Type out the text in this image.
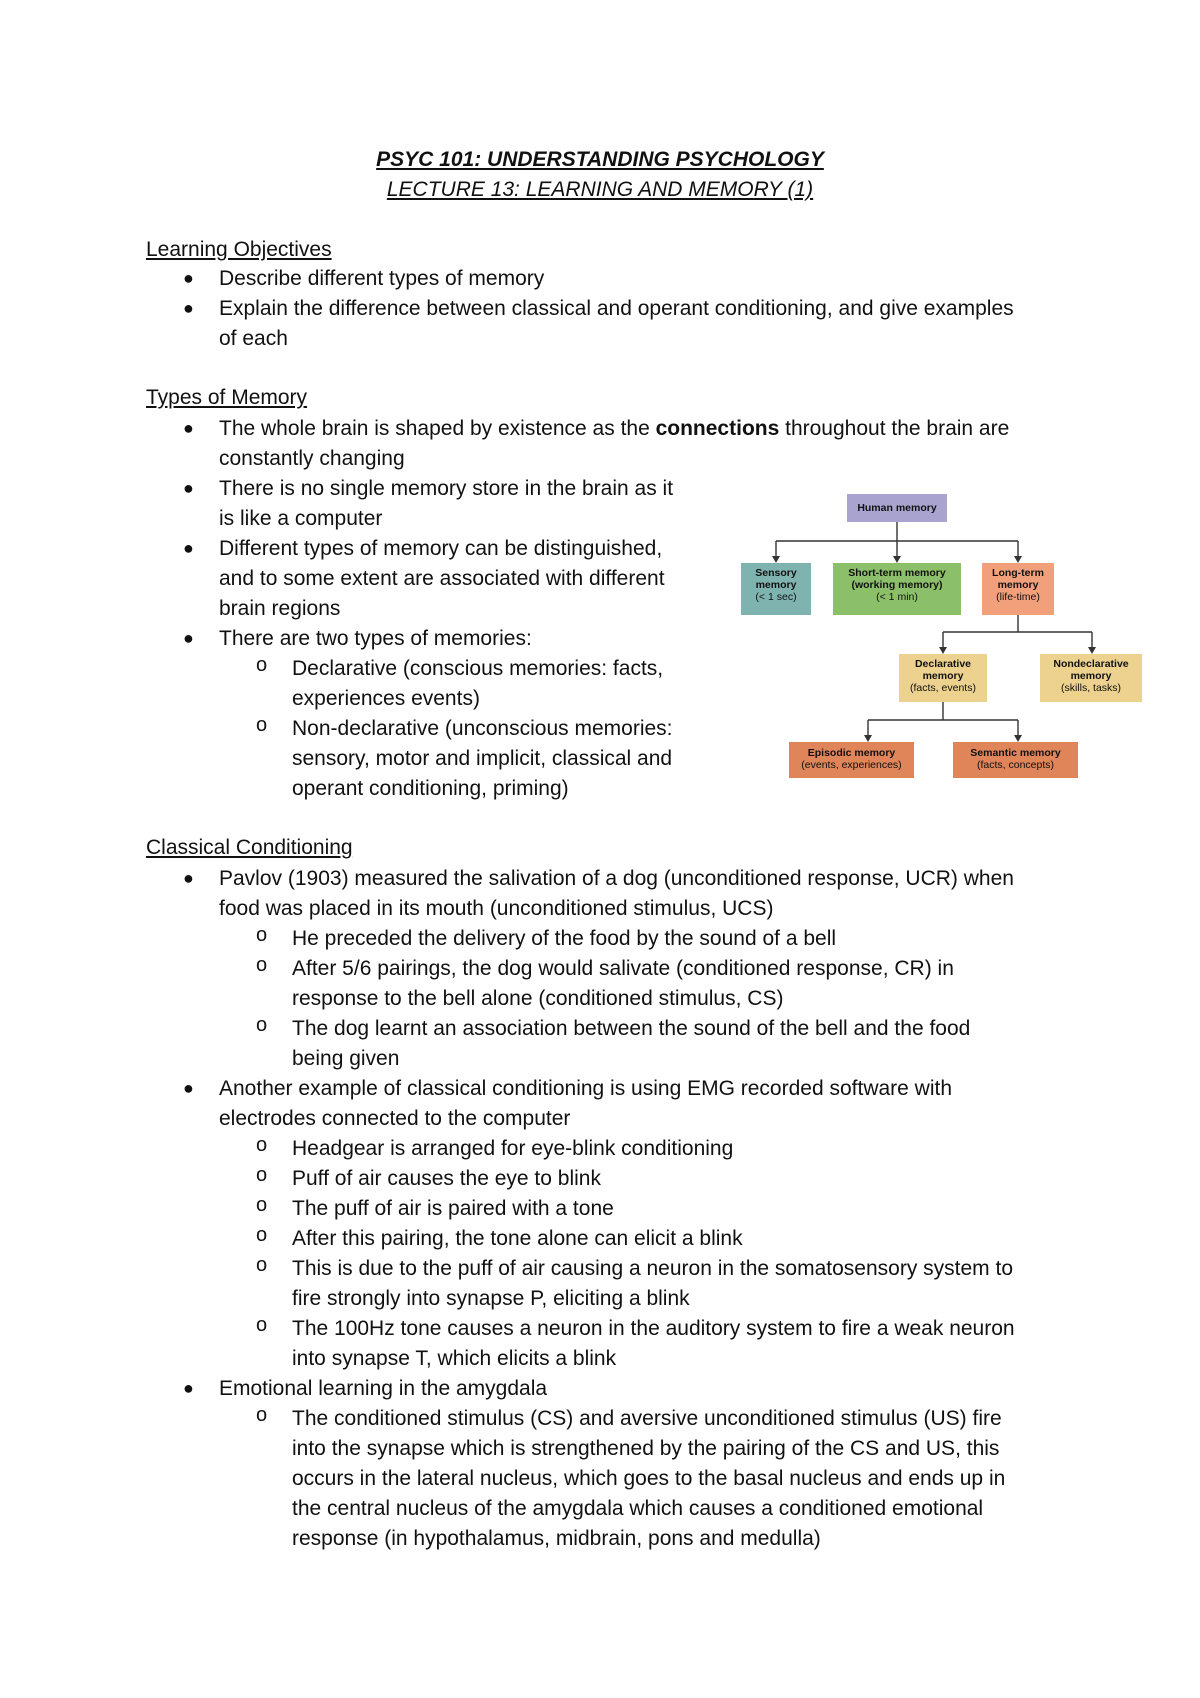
PSYC 101: UNDERSTANDING PSYCHOLOGY
LECTURE 13: LEARNING AND MEMORY (1)
Learning Objectives
● Describe different types of memory
● Explain the difference between classical and operant conditioning, and give examples
of each
Types of Memory
● The whole brain is shaped by existence as the connections throughout the brain are
constantly changing
● There is no single memory store in the brain as it
is like a computer
● Different types of memory can be distinguished,
and to some extent are associated with different
brain regions
● There are two types of memories:
o Declarative (conscious memories: facts,
experiences events)
o Non-declarative (unconscious memories:
sensory, motor and implicit, classical and
operant conditioning, priming)
Human memory
Sensory
memory
(< 1 sec)
Short-term memory
(working memory)
(< 1 min)
Long-term
memory
(life-time)
Declarative
memory
(facts, events)
Nondeclarative
memory
(skills, tasks)
Episodic memory
(events, experiences)
Semantic memory
(facts, concepts)
Classical Conditioning
● Pavlov (1903) measured the salivation of a dog (unconditioned response, UCR) when
food was placed in its mouth (unconditioned stimulus, UCS)
o He preceded the delivery of the food by the sound of a bell
o After 5/6 pairings, the dog would salivate (conditioned response, CR) in
response to the bell alone (conditioned stimulus, CS)
o The dog learnt an association between the sound of the bell and the food
being given
● Another example of classical conditioning is using EMG recorded software with
electrodes connected to the computer
o Headgear is arranged for eye-blink conditioning
o Puff of air causes the eye to blink
o The puff of air is paired with a tone
o After this pairing, the tone alone can elicit a blink
o This is due to the puff of air causing a neuron in the somatosensory system to
fire strongly into synapse P, eliciting a blink
o The 100Hz tone causes a neuron in the auditory system to fire a weak neuron
into synapse T, which elicits a blink
● Emotional learning in the amygdala
o The conditioned stimulus (CS) and aversive unconditioned stimulus (US) fire
into the synapse which is strengthened by the pairing of the CS and US, this
occurs in the lateral nucleus, which goes to the basal nucleus and ends up in
the central nucleus of the amygdala which causes a conditioned emotional
response (in hypothalamus, midbrain, pons and medulla)
